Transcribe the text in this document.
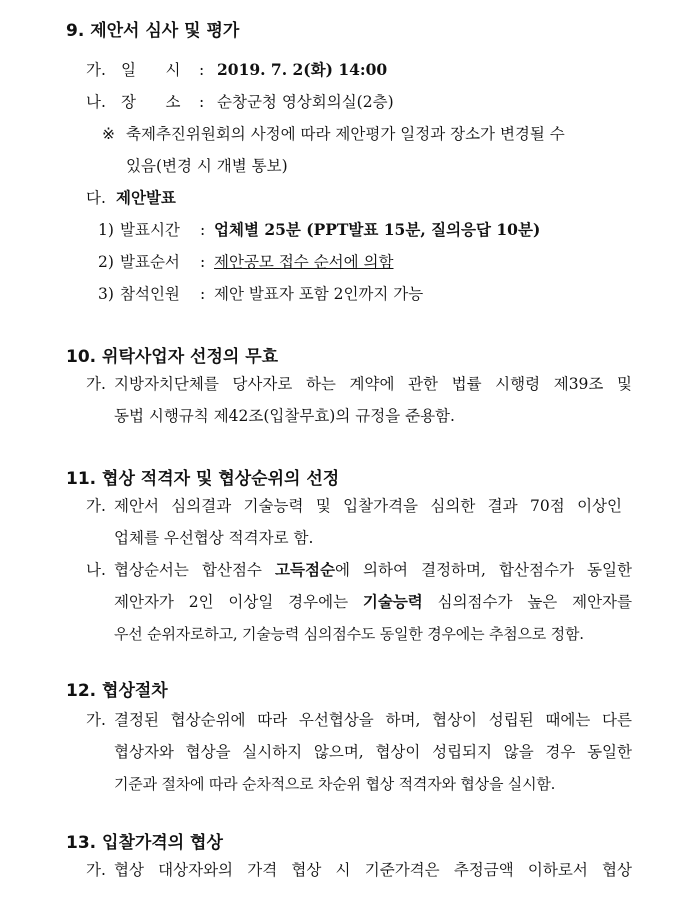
9. 제안서 심사 및 평가
가. 일      시 : 2019. 7. 2(화) 14:00
나. 장      소 : 순창군청 영상회의실(2층)
※ 축제추진위원회의 사정에 따라 제안평가 일정과 장소가 변경될 수
있음(변경 시 개별 통보)
다. 제안발표
1) 발표시간 : 업체별 25분 (PPT발표 15분, 질의응답 10분)
2) 발표순서 : 제안공모 접수 순서에 의함
3) 참석인원 : 제안 발표자 포함 2인까지 가능
10. 위탁사업자 선정의 무효
가. 지방자치단체를 당사자로 하는 계약에 관한 법률 시행령 제39조 및
동법 시행규칙 제42조(입찰무효)의 규정을 준용함.
11. 협상 적격자 및 협상순위의 선정
가. 제안서 심의결과 기술능력 및 입찰가격을 심의한 결과 70점 이상인
업체를 우선협상 적격자로 함.
나. 협상순서는 합산점수 고득점순에 의하여 결정하며, 합산점수가 동일한
제안자가 2인 이상일 경우에는 기술능력 심의점수가 높은 제안자를
우선 순위자로하고, 기술능력 심의점수도 동일한 경우에는 추첨으로 정함.
12. 협상절차
가. 결정된 협상순위에 따라 우선협상을 하며, 협상이 성립된 때에는 다른
협상자와 협상을 실시하지 않으며, 협상이 성립되지 않을 경우 동일한
기준과 절차에 따라 순차적으로 차순위 협상 적격자와 협상을 실시함.
13. 입찰가격의 협상
가. 협상 대상자와의 가격 협상 시 기준가격은 추정금액 이하로서 협상
